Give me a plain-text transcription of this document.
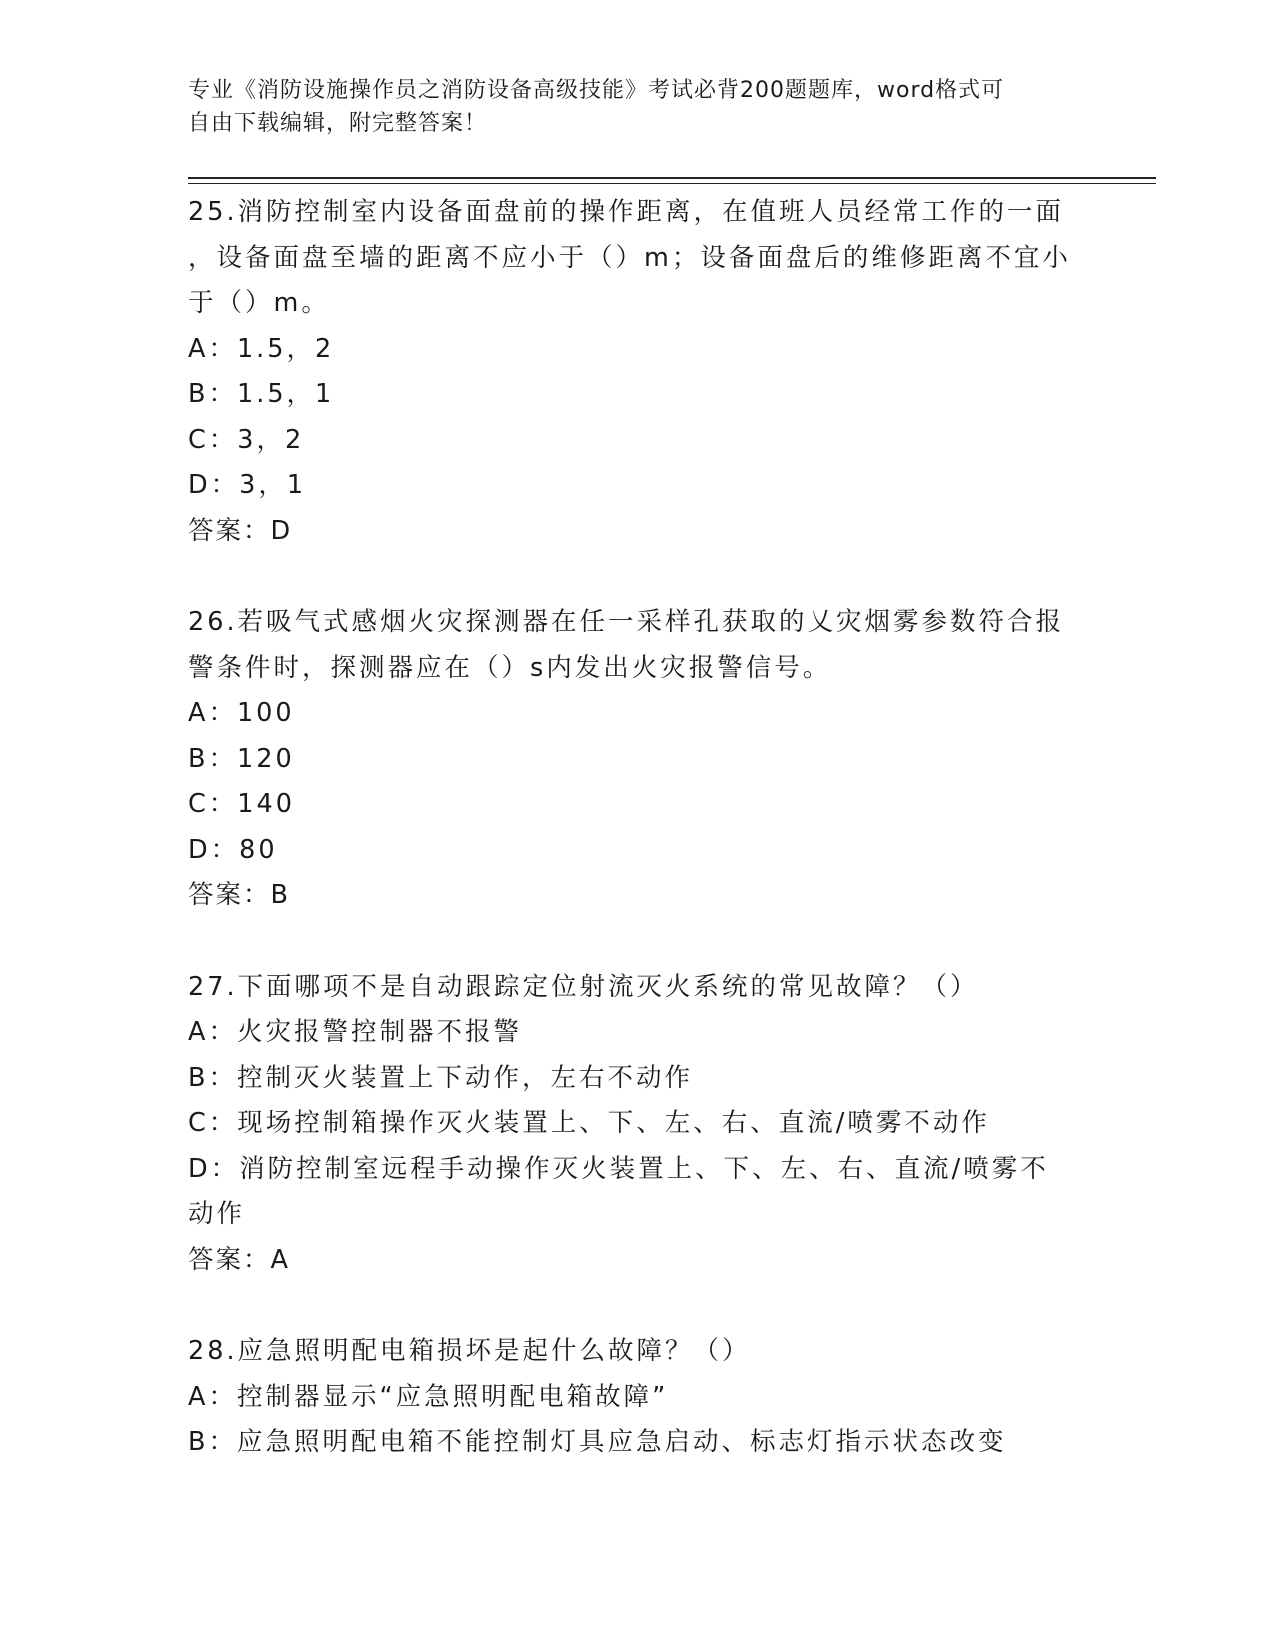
专业《消防设施操作员之消防设备高级技能》考试必背200题题库，word格式可
自由下载编辑，附完整答案！
25.消防控制室内设备面盘前的操作距离，在值班人员经常工作的一面
，设备面盘至墙的距离不应小于（）m；设备面盘后的维修距离不宜小
于（）m。
A：1.5，2
B：1.5，1
C：3，2
D：3，1
答案：D
26.若吸气式感烟火灾探测器在任一采样孔获取的乂灾烟雾参数符合报
警条件时，探测器应在（）s内发出火灾报警信号。
A：100
B：120
C：140
D：80
答案：B
27.下面哪项不是自动跟踪定位射流灭火系统的常见故障？（）
A：火灾报警控制器不报警
B：控制灭火装置上下动作，左右不动作
C：现场控制箱操作灭火装置上、下、左、右、直流/喷雾不动作
D：消防控制室远程手动操作灭火装置上、下、左、右、直流/喷雾不
动作
答案：A
28.应急照明配电箱损坏是起什么故障？（）
A：控制器显示“应急照明配电箱故障”
B：应急照明配电箱不能控制灯具应急启动、标志灯指示状态改变
